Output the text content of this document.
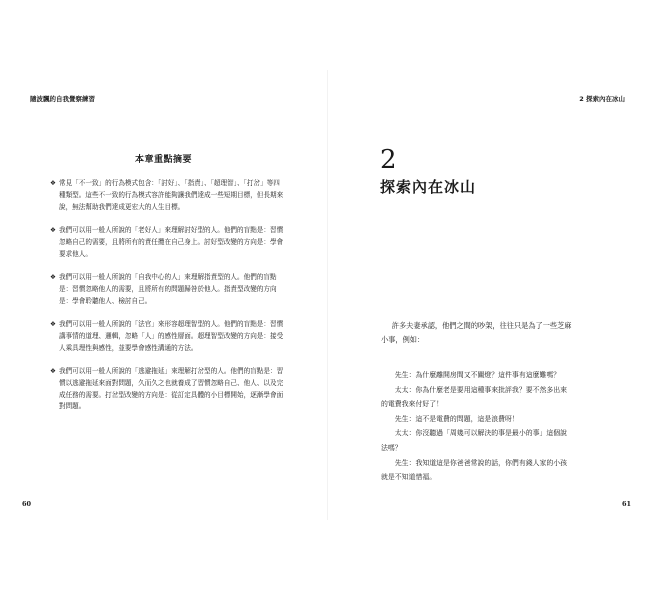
隨波飄的自我覺察練習
本章重點摘要
❖ 常見「不一致」的行為模式包含：「討好」、「指責」、「超理智」、「打岔」等四種類型。這些不一致的行為模式容許能夠讓我們達成一些短期目標，但長期來說，無法幫助我們達成更宏大的人生目標。
❖ 我們可以用一般人所說的「老好人」來理解討好型的人。他們的盲點是：習慣忽略自己的需要，且將所有的責任攬在自己身上。討好型改變的方向是：學會要求他人。
❖ 我們可以用一般人所說的「自我中心的人」來理解指責型的人。他們的盲點是：習慣忽略他人的需要，且將所有的問題歸咎於他人。指責型改變的方向是：學會聆聽他人、檢討自己。
❖ 我們可以用一般人所說的「法官」來形容超理智型的人。他們的盲點是：習慣講事情的道理、邏輯，忽略「人」的感性層面。超理智型改變的方向是：接受人乘具理性與感性，並要學會感性溝通的方法。
❖ 我們可以用一般人所說的「逃避拖延」來理解打岔型的人。他們的盲點是：習慣以逃避拖延來面對問題，久而久之也就養成了習慣忽略自己、他人、以及完成任務的需要。打岔型改變的方向是：從訂定具體的小目標開始，逐漸學會面對問題。
60
2 探索內在冰山
61
2
探索內在冰山

許多夫妻承認，他們之間的吵架，往往只是為了一些芝麻

小事，例如：
先生：為什麼離開房間又不關燈？這件事有這麼難嗎？
太太：你為什麼老是要用這種事來批評我？要不然多出來
的電費我來付好了！
先生：這不是電費的問題，這是浪費呀！
太太：你沒聽過「周幾可以解決的事是最小的事」這個說
法嗎？
先生：我知道這是你爸爸常說的話，你們有錢人家的小孩
就是不知道惜福。
